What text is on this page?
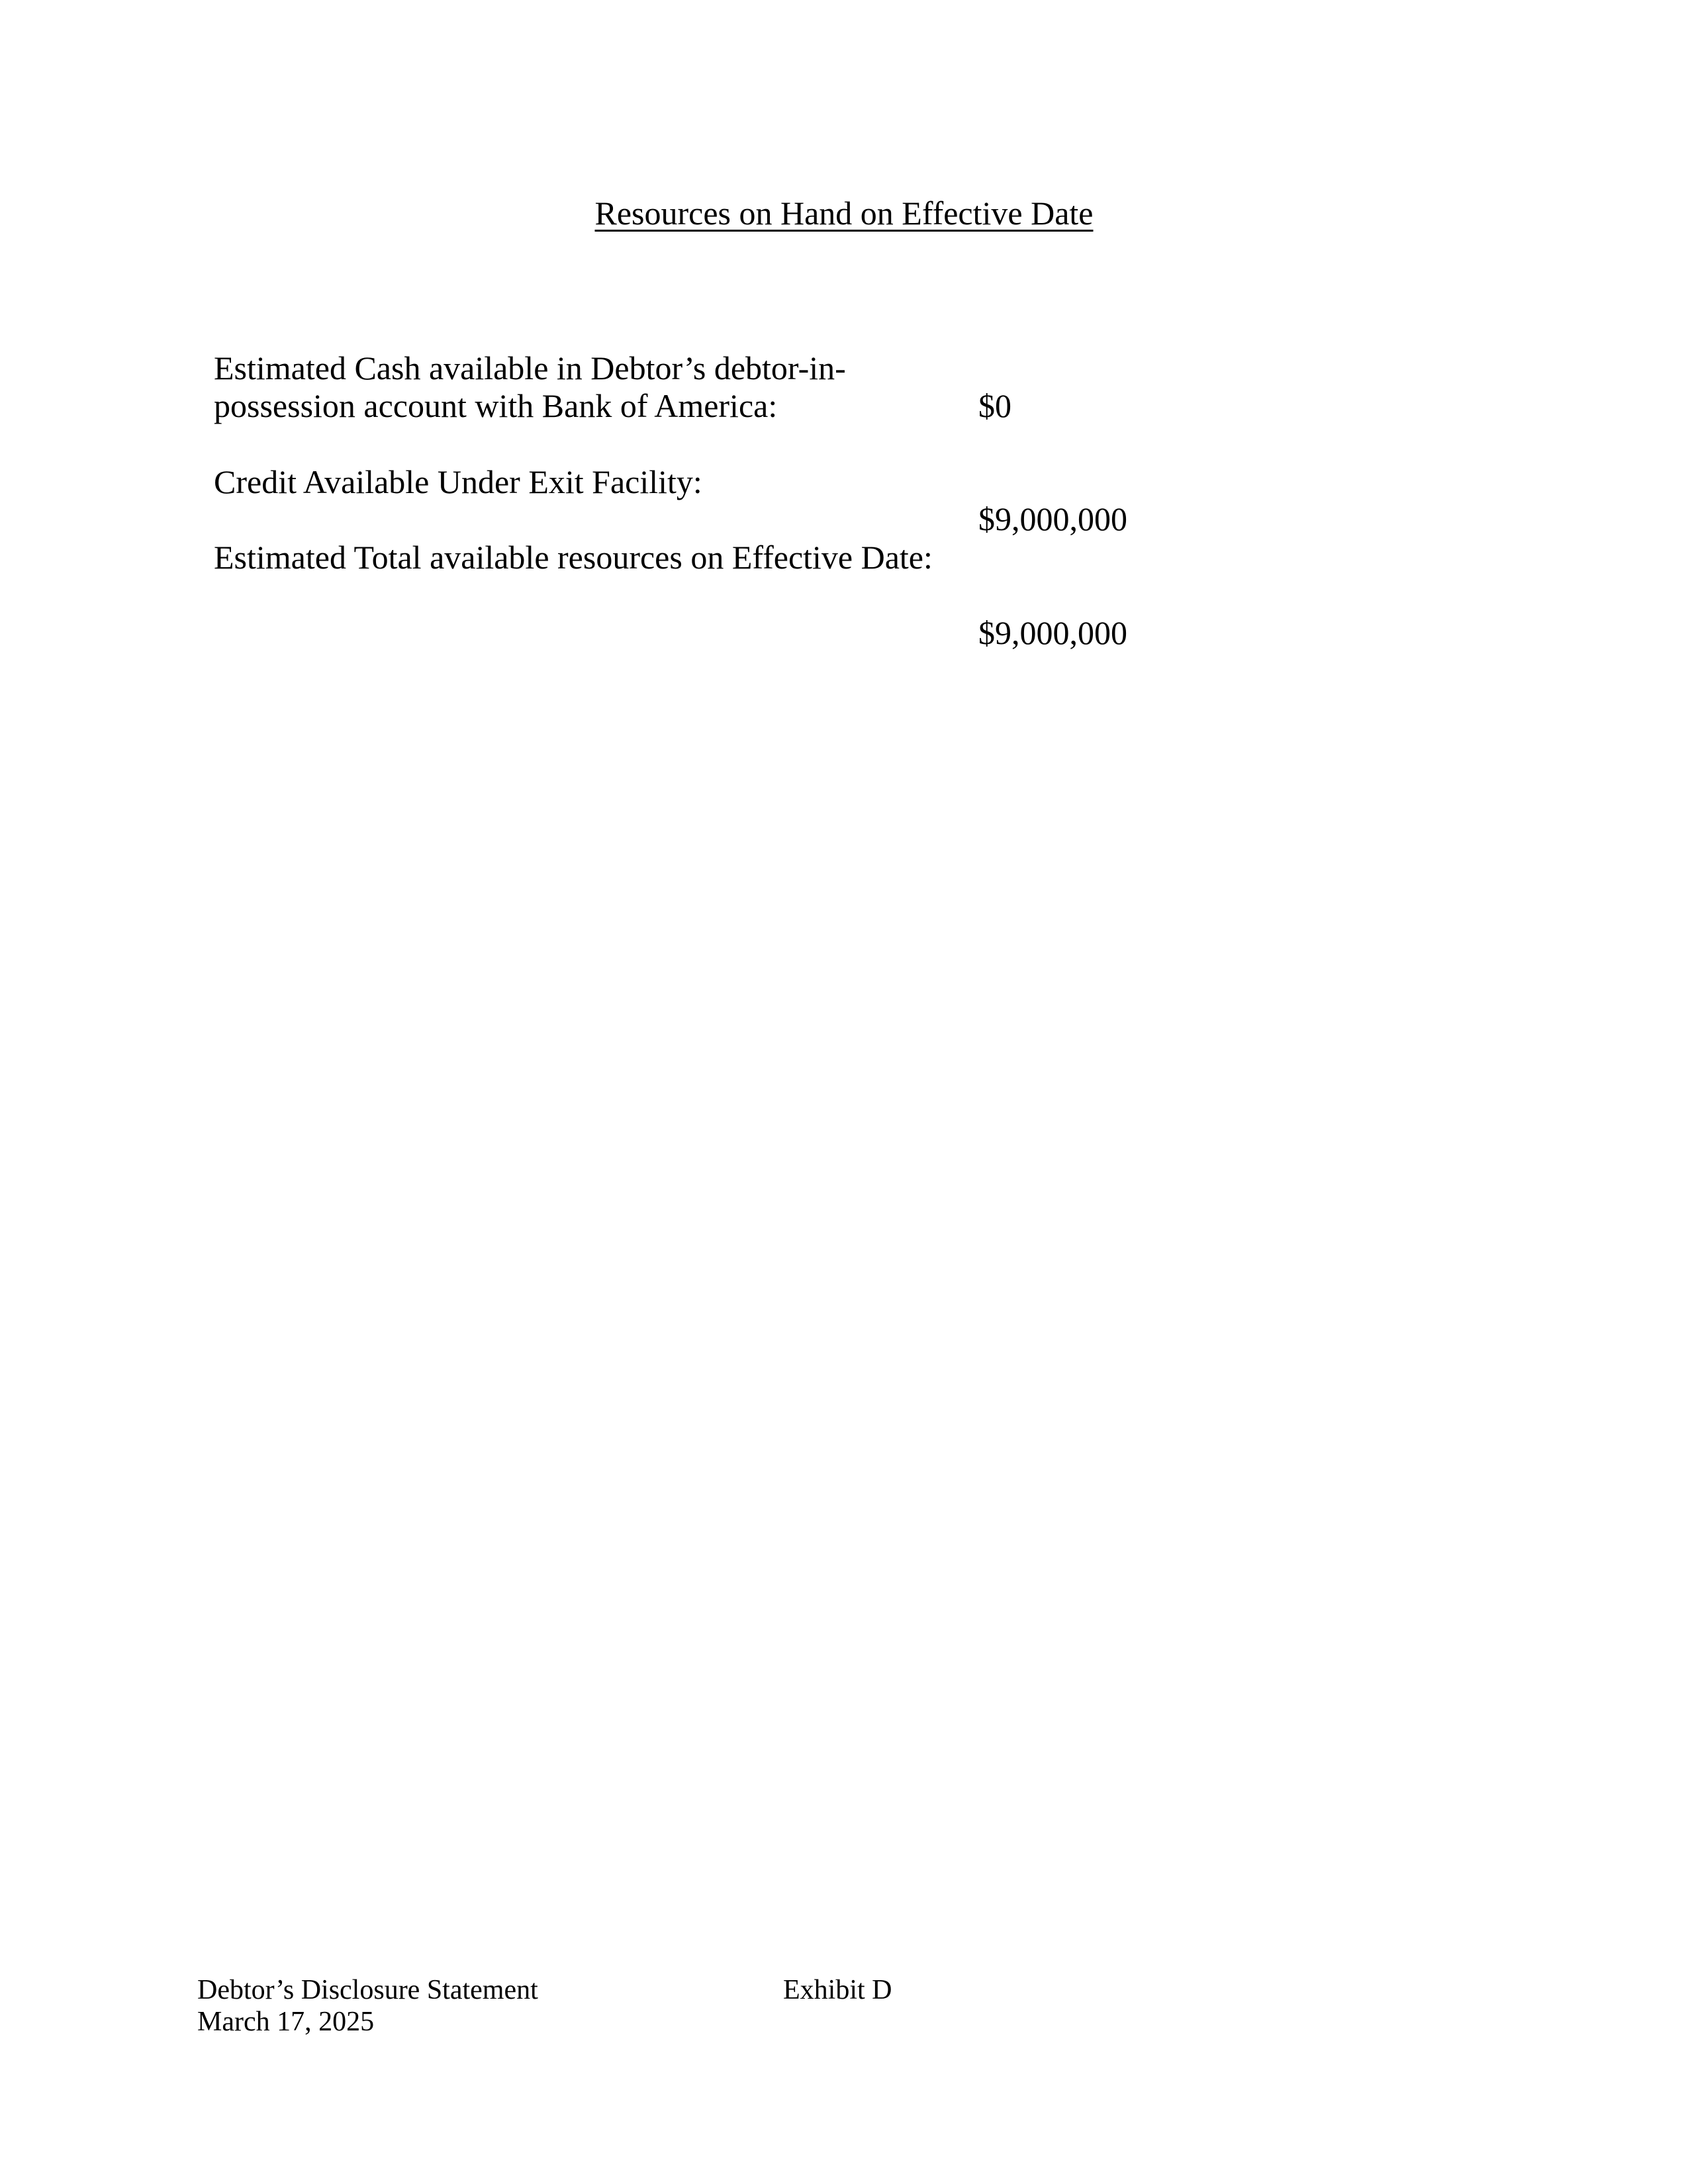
Resources on Hand on Effective Date
Estimated Cash available in Debtor’s debtor-in-
possession account with Bank of America:	$0
Credit Available Under Exit Facility:
$9,000,000
Estimated Total available resources on Effective Date:
$9,000,000
Debtor’s Disclosure Statement
March 17, 2025
Exhibit D
